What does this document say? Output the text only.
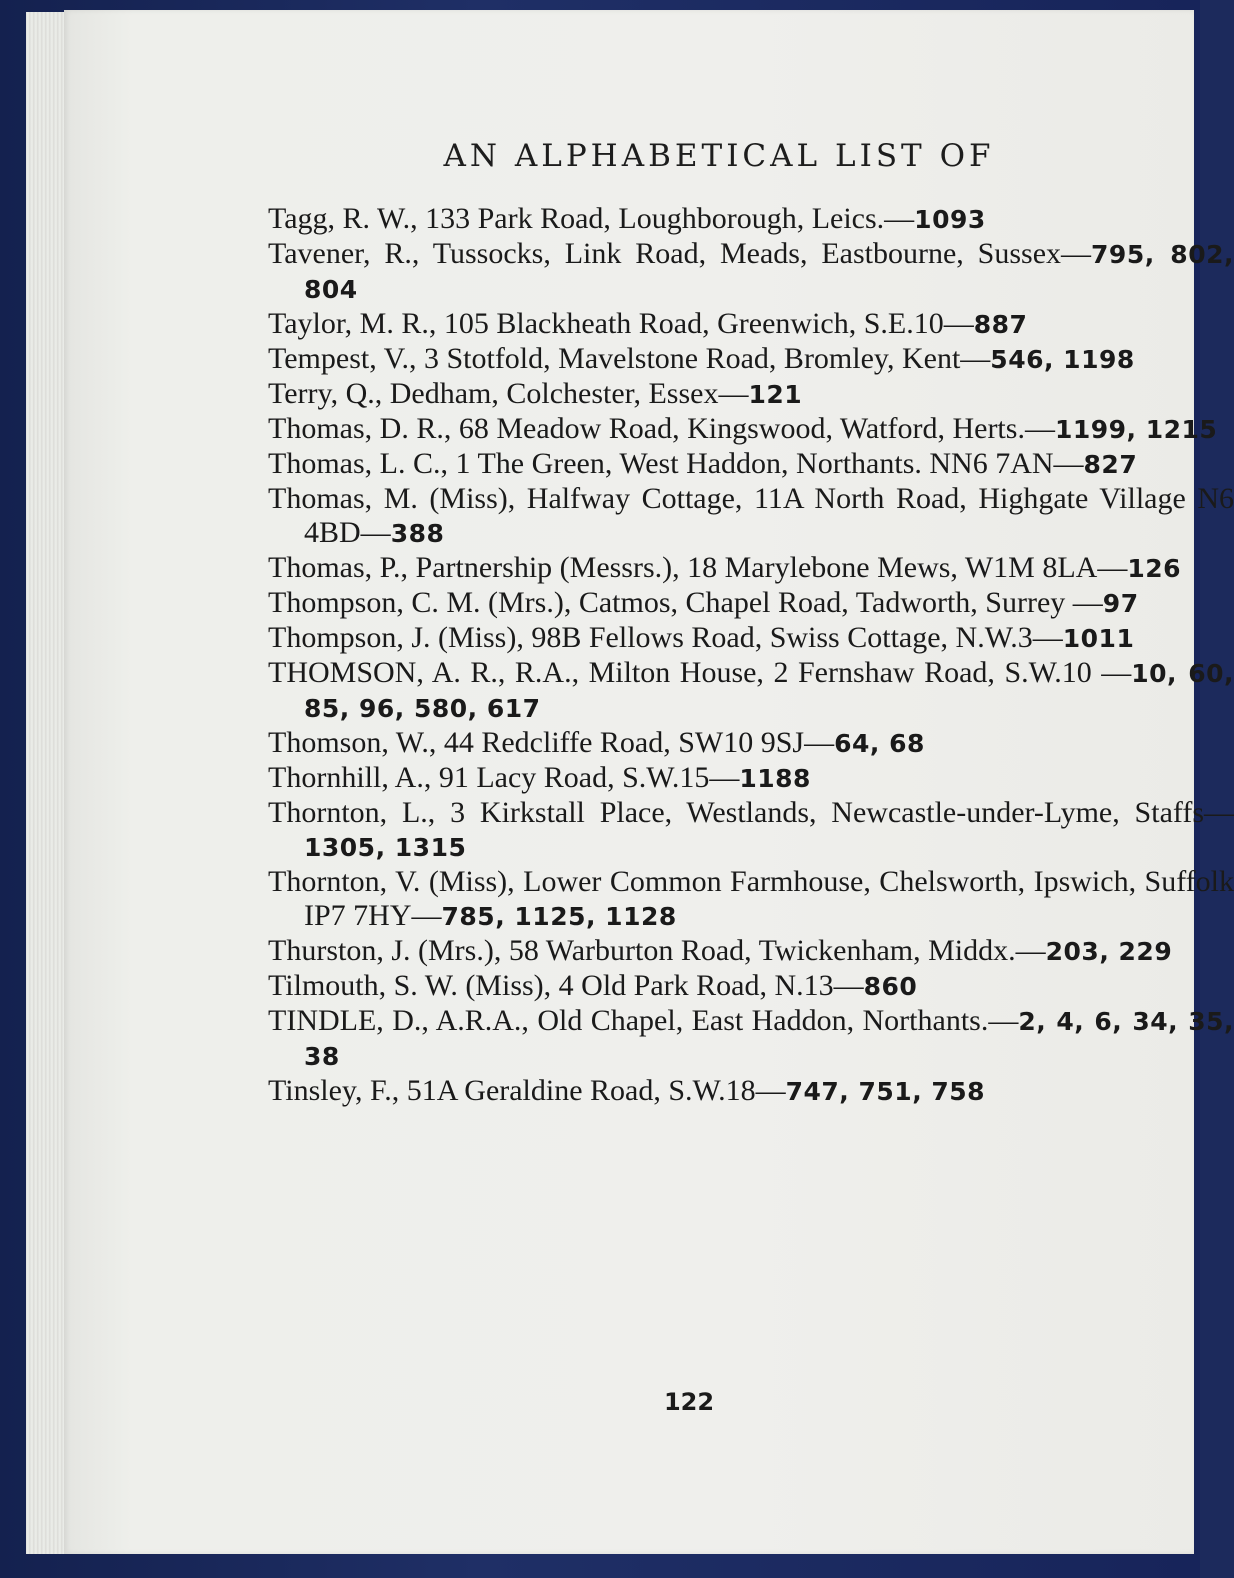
AN ALPHABETICAL LIST OF
Tagg, R. W., 133 Park Road, Loughborough, Leics.—1093
Tavener, R., Tussocks, Link Road, Meads, Eastbourne, Sussex—795, 802, 804
Taylor, M. R., 105 Blackheath Road, Greenwich, S.E.10—887
Tempest, V., 3 Stotfold, Mavelstone Road, Bromley, Kent—546, 1198
Terry, Q., Dedham, Colchester, Essex—121
Thomas, D. R., 68 Meadow Road, Kingswood, Watford, Herts.—1199, 1215
Thomas, L. C., 1 The Green, West Haddon, Northants. NN6 7AN—827
Thomas, M. (Miss), Halfway Cottage, 11A North Road, Highgate Village N6 4BD—388
Thomas, P., Partnership (Messrs.), 18 Marylebone Mews, W1M 8LA—126
Thompson, C. M. (Mrs.), Catmos, Chapel Road, Tadworth, Surrey —97
Thompson, J. (Miss), 98B Fellows Road, Swiss Cottage, N.W.3—1011
THOMSON, A. R., R.A., Milton House, 2 Fernshaw Road, S.W.10 —10, 60, 85, 96, 580, 617
Thomson, W., 44 Redcliffe Road, SW10 9SJ—64, 68
Thornhill, A., 91 Lacy Road, S.W.15—1188
Thornton, L., 3 Kirkstall Place, Westlands, Newcastle-under-Lyme, Staffs—1305, 1315
Thornton, V. (Miss), Lower Common Farmhouse, Chelsworth, Ipswich, Suffolk IP7 7HY—785, 1125, 1128
Thurston, J. (Mrs.), 58 Warburton Road, Twickenham, Middx.—203, 229
Tilmouth, S. W. (Miss), 4 Old Park Road, N.13—860
TINDLE, D., A.R.A., Old Chapel, East Haddon, Northants.—2, 4, 6, 34, 35, 38
Tinsley, F., 51A Geraldine Road, S.W.18—747, 751, 758
122
